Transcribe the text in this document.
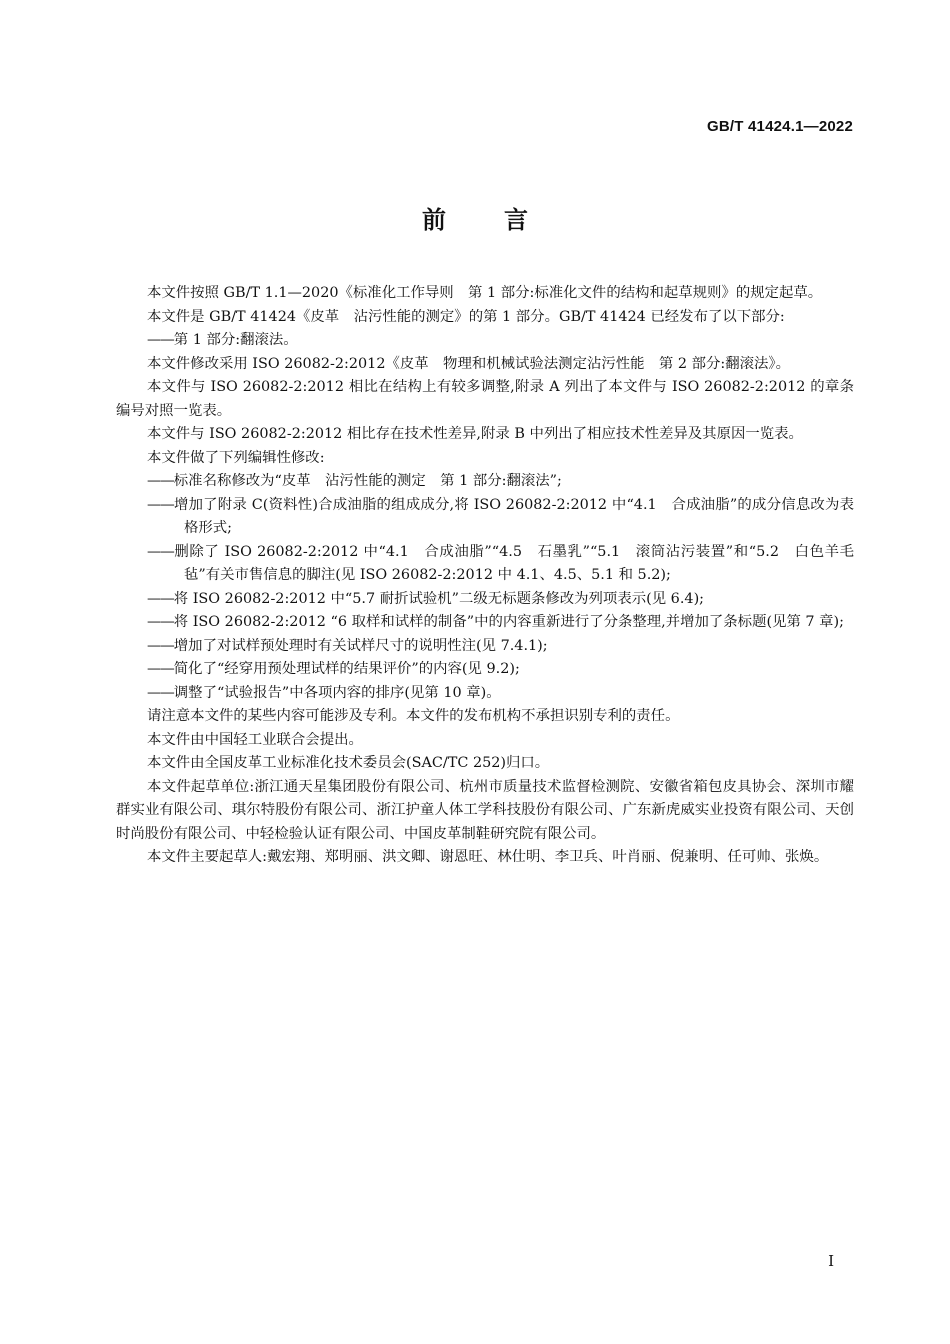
GB/T 41424.1—2022
前言

本文件按照 GB/T 1.1—2020《标准化工作导则　第 1 部分:标准化文件的结构和起草规则》的规定起草。

本文件是 GB/T 41424《皮革　沾污性能的测定》的第 1 部分。GB/T 41424 已经发布了以下部分:

——第 1 部分:翻滚法。

本文件修改采用 ISO 26082-2:2012《皮革　物理和机械试验法测定沾污性能　第 2 部分:翻滚法》。

本文件与 ISO 26082-2:2012 相比在结构上有较多调整,附录 A 列出了本文件与 ISO 26082-2:2012 的章条编号对照一览表。

本文件与 ISO 26082-2:2012 相比存在技术性差异,附录 B 中列出了相应技术性差异及其原因一览表。

本文件做了下列编辑性修改:

——标准名称修改为“皮革　沾污性能的测定　第 1 部分:翻滚法”;

——增加了附录 C(资料性)合成油脂的组成成分,将 ISO 26082-2:2012 中“4.1　合成油脂”的成分信息改为表格形式;

——删除了 ISO 26082-2:2012 中“4.1　合成油脂”“4.5　石墨乳”“5.1　滚筒沾污装置”和“5.2　白色羊毛毡”有关市售信息的脚注(见 ISO 26082-2:2012 中 4.1、4.5、5.1 和 5.2);

——将 ISO 26082-2:2012 中“5.7 耐折试验机”二级无标题条修改为列项表示(见 6.4);

——将 ISO 26082-2:2012 “6 取样和试样的制备”中的内容重新进行了分条整理,并增加了条标题(见第 7 章);

——增加了对试样预处理时有关试样尺寸的说明性注(见 7.4.1);

——简化了“经穿用预处理试样的结果评价”的内容(见 9.2);

——调整了“试验报告”中各项内容的排序(见第 10 章)。

请注意本文件的某些内容可能涉及专利。本文件的发布机构不承担识别专利的责任。

本文件由中国轻工业联合会提出。

本文件由全国皮革工业标准化技术委员会(SAC/TC 252)归口。

本文件起草单位:浙江通天星集团股份有限公司、杭州市质量技术监督检测院、安徽省箱包皮具协会、深圳市耀群实业有限公司、琪尔特股份有限公司、浙江护童人体工学科技股份有限公司、广东新虎威实业投资有限公司、天创时尚股份有限公司、中轻检验认证有限公司、中国皮革制鞋研究院有限公司。

本文件主要起草人:戴宏翔、郑明丽、洪文卿、谢恩旺、林仕明、李卫兵、叶肖丽、倪兼明、任可帅、张焕。

I
